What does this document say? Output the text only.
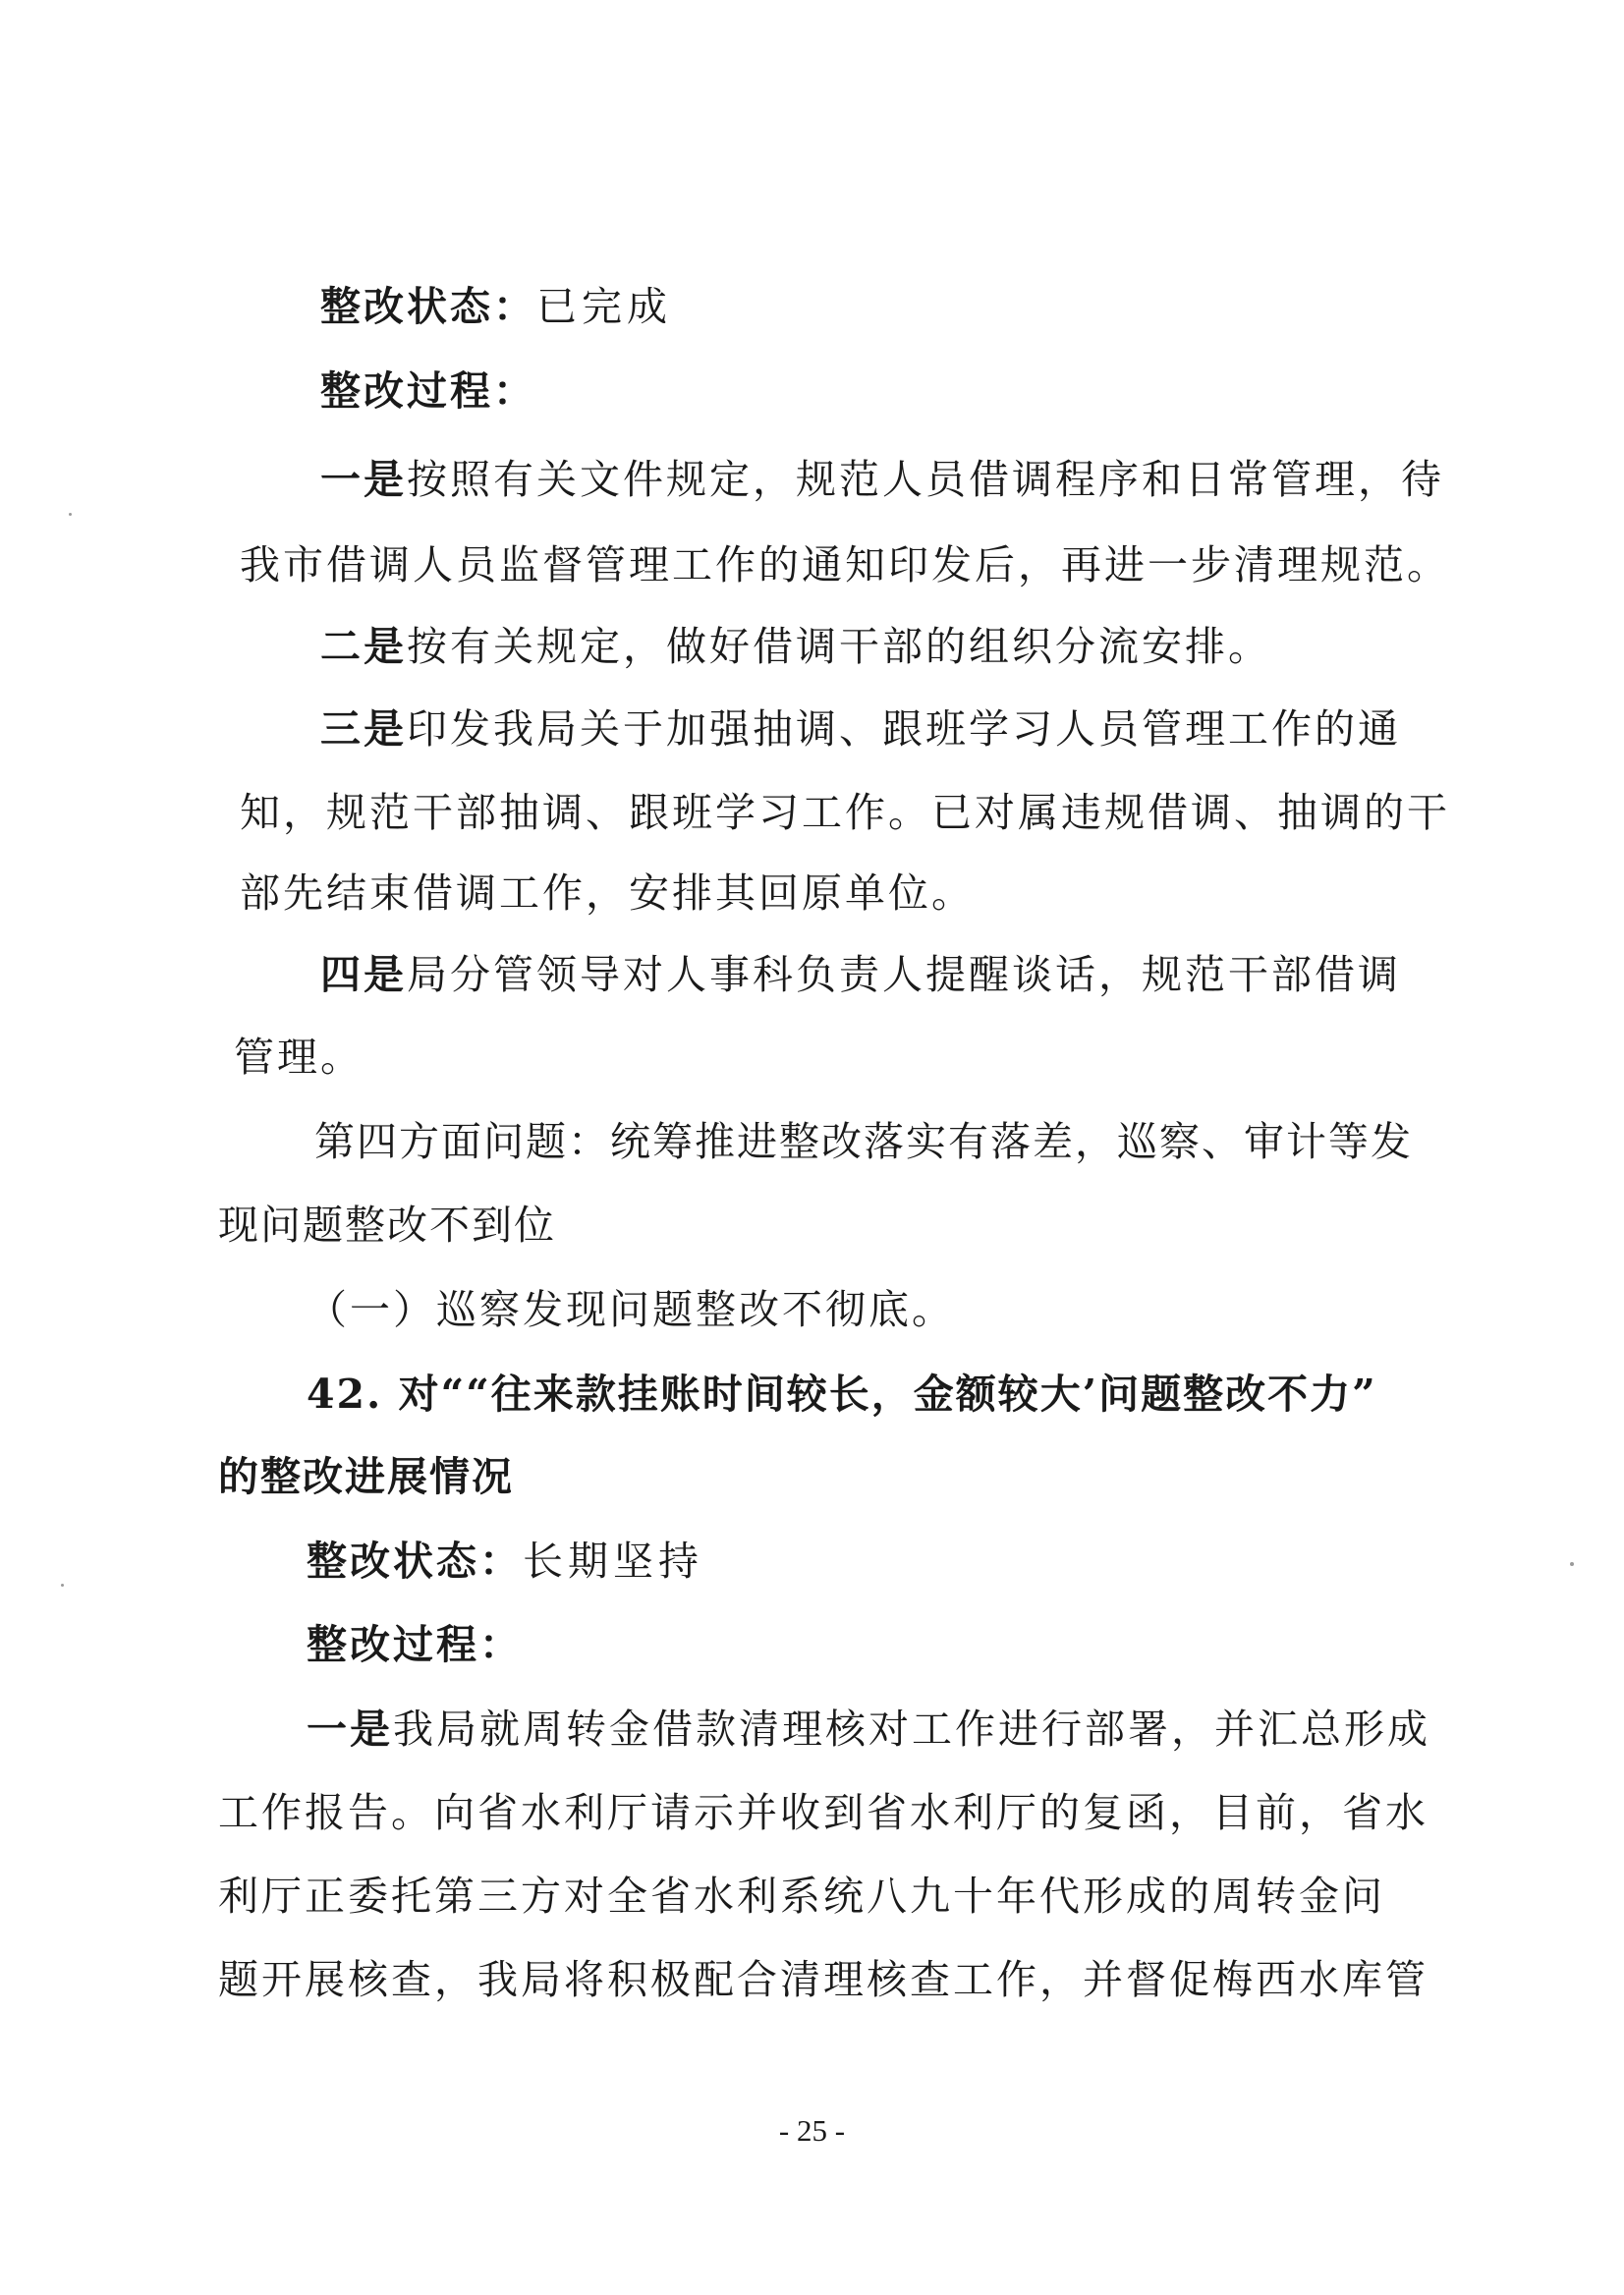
整改状态：已完成
整改过程：
一是按照有关文件规定，规范人员借调程序和日常管理，待
我市借调人员监督管理工作的通知印发后，再进一步清理规范。
二是按有关规定，做好借调干部的组织分流安排。
三是印发我局关于加强抽调、跟班学习人员管理工作的通
知，规范干部抽调、跟班学习工作。已对属违规借调、抽调的干
部先结束借调工作，安排其回原单位。
四是局分管领导对人事科负责人提醒谈话，规范干部借调
管理。
第四方面问题：统筹推进整改落实有落差，巡察、审计等发
现问题整改不到位
（一）巡察发现问题整改不彻底。
42. 对““往来款挂账时间较长，金额较大’问题整改不力”
的整改进展情况
整改状态：长期坚持
整改过程：
一是我局就周转金借款清理核对工作进行部署，并汇总形成
工作报告。向省水利厅请示并收到省水利厅的复函，目前，省水
利厅正委托第三方对全省水利系统八九十年代形成的周转金问
题开展核查，我局将积极配合清理核查工作，并督促梅西水库管
- 25 -
